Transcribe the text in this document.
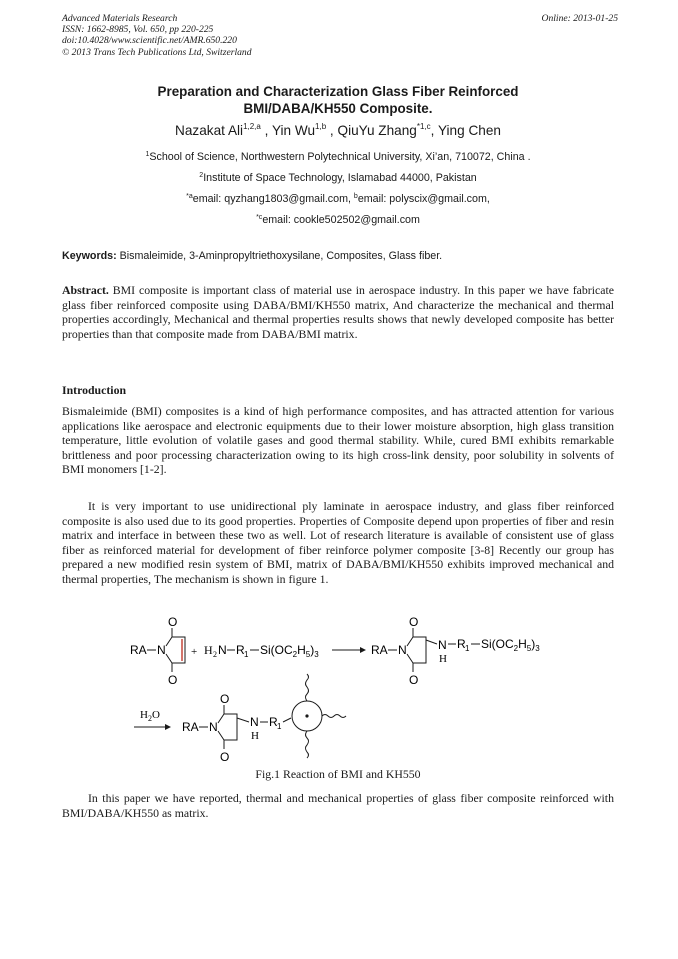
Advanced Materials Research
ISSN: 1662-8985, Vol. 650, pp 220-225
doi:10.4028/www.scientific.net/AMR.650.220
© 2013 Trans Tech Publications Ltd, Switzerland
Online: 2013-01-25
Preparation and Characterization Glass Fiber Reinforced
BMI/DABA/KH550 Composite.
Nazakat Ali$^{1,2,a}$ , Yin Wu$^{1,b}$ , QiuYu Zhang$^{*1,c}$, Ying Chen
$^1$School of Science, Northwestern Polytechnical University, Xi’an, 710072, China .
$^2$Institute of Space Technology, Islamabad 44000, Pakistan
$^{*a}$email: qyzhang1803@gmail.com, $^b$email: polyscix@gmail.com,
$^{*c}$email: cookle502502@gmail.com
Keywords: Bismaleimide, 3-Aminpropyltriethoxysilane, Composites, Glass fiber.
Abstract. BMI composite is important class of material use in aerospace industry. In this paper we have fabricate glass fiber reinforced composite using DABA/BMI/KH550 matrix, And characterize the mechanical and thermal properties accordingly, Mechanical and thermal properties results shows that newly developed composite has better properties than that composite made from DABA/BMI matrix.
Introduction
Bismaleimide (BMI) composites is a kind of high performance composites, and has attracted attention for various applications like aerospace and electronic equipments due to their lower moisture absorption, high glass transition temperature, little evolution of volatile gases and good thermal stability. While, cured BMI exhibits remarkable brittleness and poor processing characterization owing to its high cross-link density, poor solubility in solvents of BMI monomers [1-2].
It is very important to use unidirectional ply laminate in aerospace industry, and glass fiber reinforced composite is also used due to its good properties. Properties of Composite depend upon properties of fiber and resin matrix and interface in between these two as well. Lot of research literature is available of consistent use of glass fiber as reinforced material for development of fiber reinforce polymer composite [3-8] Recently our group has prepared a new modified resin system of BMI, matrix of DABA/BMI/KH550 exhibits improved mechanical and thermal properties, The mechanism is shown in figure 1.
RA N
O
O
+ H 2 N R 1 $Si(OC_2H_5)_3$	RA N
O
O
N
H
R 1 $Si(OC_2H_5)_3$
$H_2O$
RA N
O
O
N
H
R 1
Fig.1 Reaction of BMI and KH550
In this paper we have reported, thermal and mechanical properties of glass fiber composite reinforced with BMI/DABA/KH550 as matrix.
